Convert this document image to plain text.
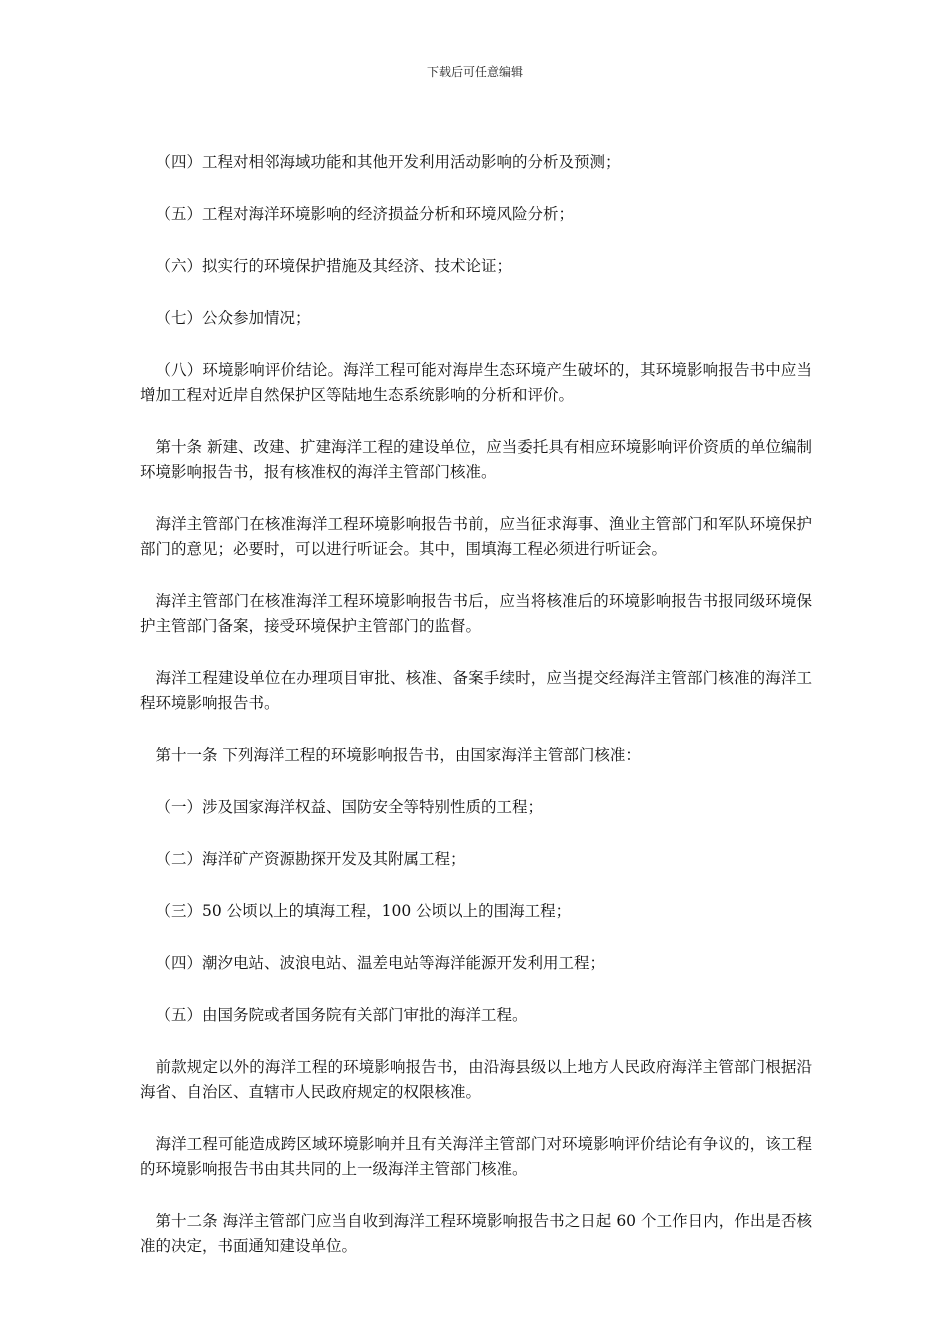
下载后可任意编辑

（四）工程对相邻海域功能和其他开发利用活动影响的分析及预测；

（五）工程对海洋环境影响的经济损益分析和环境风险分析；

（六）拟实行的环境保护措施及其经济、技术论证；

（七）公众参加情况；

（八）环境影响评价结论。海洋工程可能对海岸生态环境产生破坏的，其环境影响报告书中应当增加工程对近岸自然保护区等陆地生态系统影响的分析和评价。

第十条 新建、改建、扩建海洋工程的建设单位，应当委托具有相应环境影响评价资质的单位编制环境影响报告书，报有核准权的海洋主管部门核准。

海洋主管部门在核准海洋工程环境影响报告书前，应当征求海事、渔业主管部门和军队环境保护部门的意见；必要时，可以进行听证会。其中，围填海工程必须进行听证会。

海洋主管部门在核准海洋工程环境影响报告书后，应当将核准后的环境影响报告书报同级环境保护主管部门备案，接受环境保护主管部门的监督。

海洋工程建设单位在办理项目审批、核准、备案手续时，应当提交经海洋主管部门核准的海洋工程环境影响报告书。

第十一条 下列海洋工程的环境影响报告书，由国家海洋主管部门核准：

（一）涉及国家海洋权益、国防安全等特别性质的工程；

（二）海洋矿产资源勘探开发及其附属工程；

（三）50 公顷以上的填海工程，100 公顷以上的围海工程；

（四）潮汐电站、波浪电站、温差电站等海洋能源开发利用工程；

（五）由国务院或者国务院有关部门审批的海洋工程。

前款规定以外的海洋工程的环境影响报告书，由沿海县级以上地方人民政府海洋主管部门根据沿海省、自治区、直辖市人民政府规定的权限核准。

海洋工程可能造成跨区域环境影响并且有关海洋主管部门对环境影响评价结论有争议的，该工程的环境影响报告书由其共同的上一级海洋主管部门核准。

第十二条 海洋主管部门应当自收到海洋工程环境影响报告书之日起 60 个工作日内，作出是否核准的决定，书面通知建设单位。
